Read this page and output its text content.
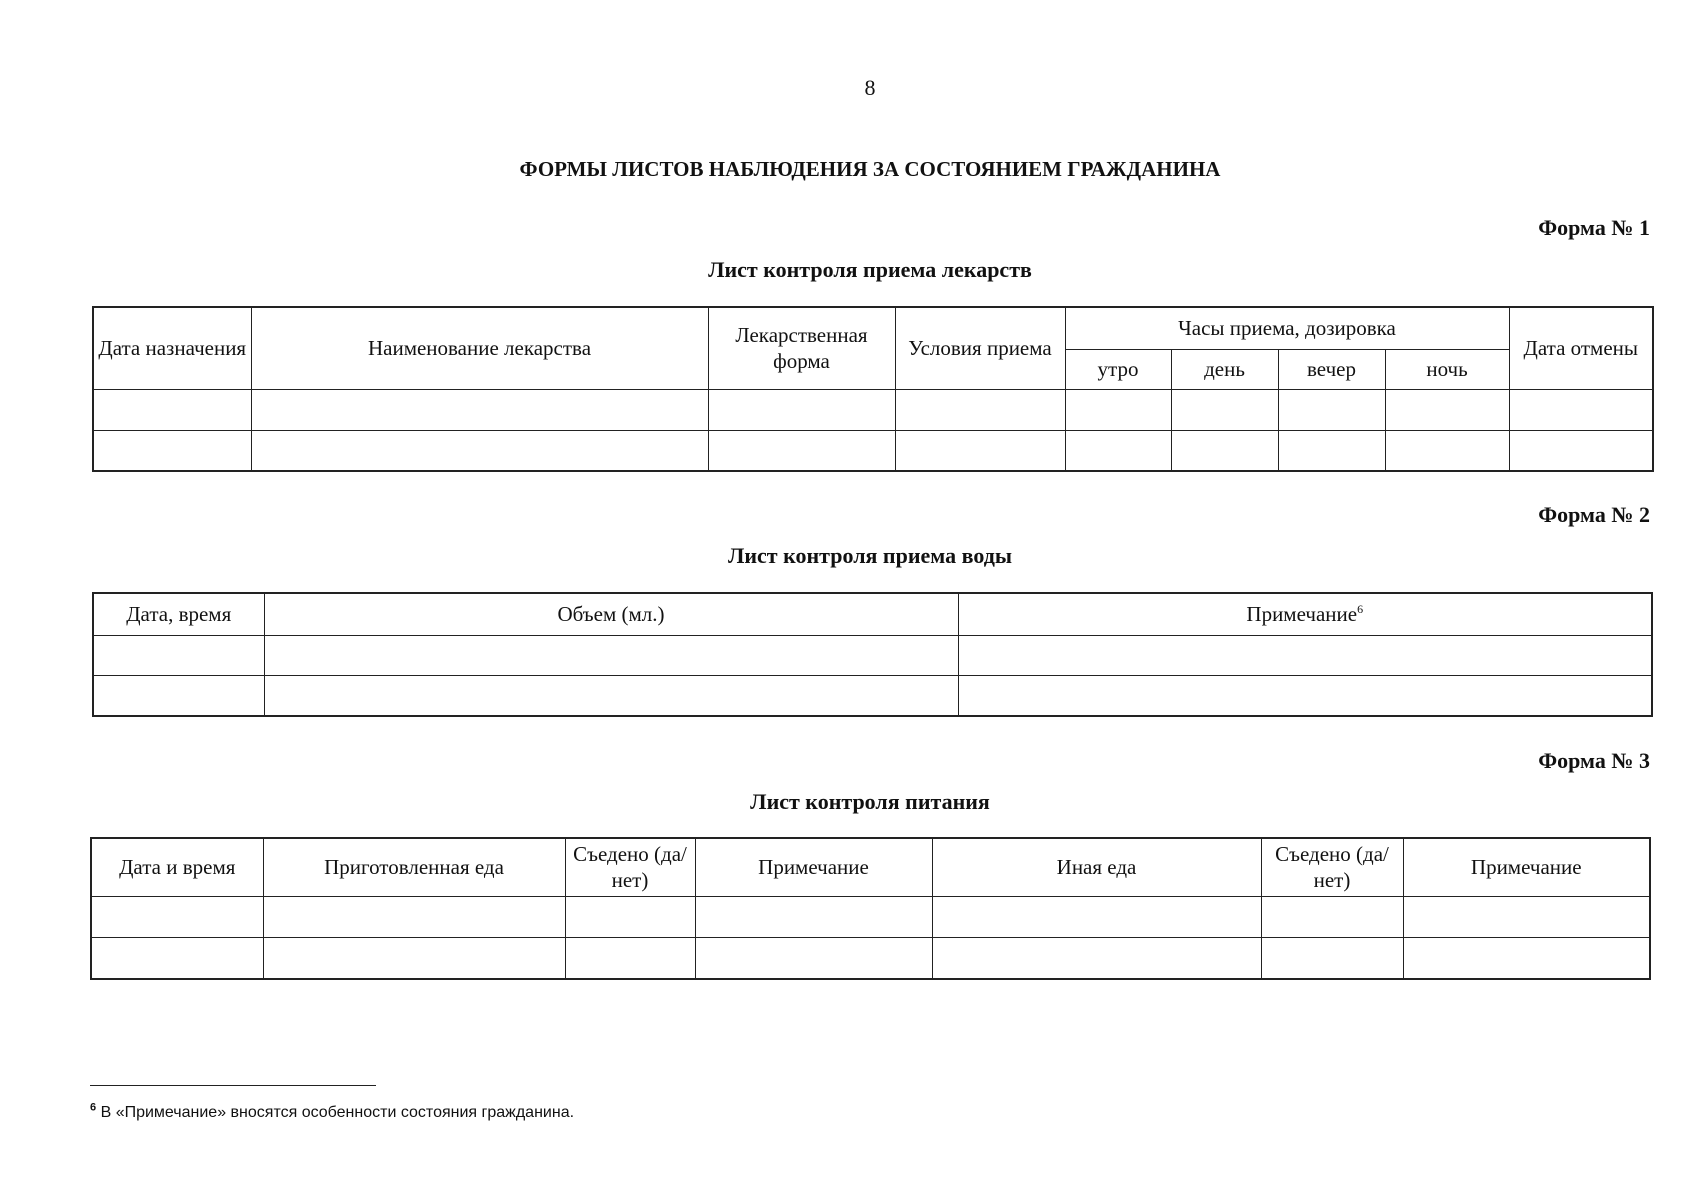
8
ФОРМЫ ЛИСТОВ НАБЛЮДЕНИЯ ЗА СОСТОЯНИЕМ ГРАЖДАНИНА
Форма № 1
Лист контроля приема лекарств
Дата назначения	Наименование лекарства	Лекарственная форма	Условия приема	Часы приема, дозировка				Дата отмены
				утро	день	вечер	ночь	

Форма № 2
Лист контроля приема воды
Дата, время	Объем (мл.)	Примечание$^6$

Форма № 3
Лист контроля питания
Дата и время	Приготовленная еда	Съедено (да/нет)	Примечание	Иная еда	Съедено (да/нет)	Примечание

$^6$ В «Примечание» вносятся особенности состояния гражданина.
